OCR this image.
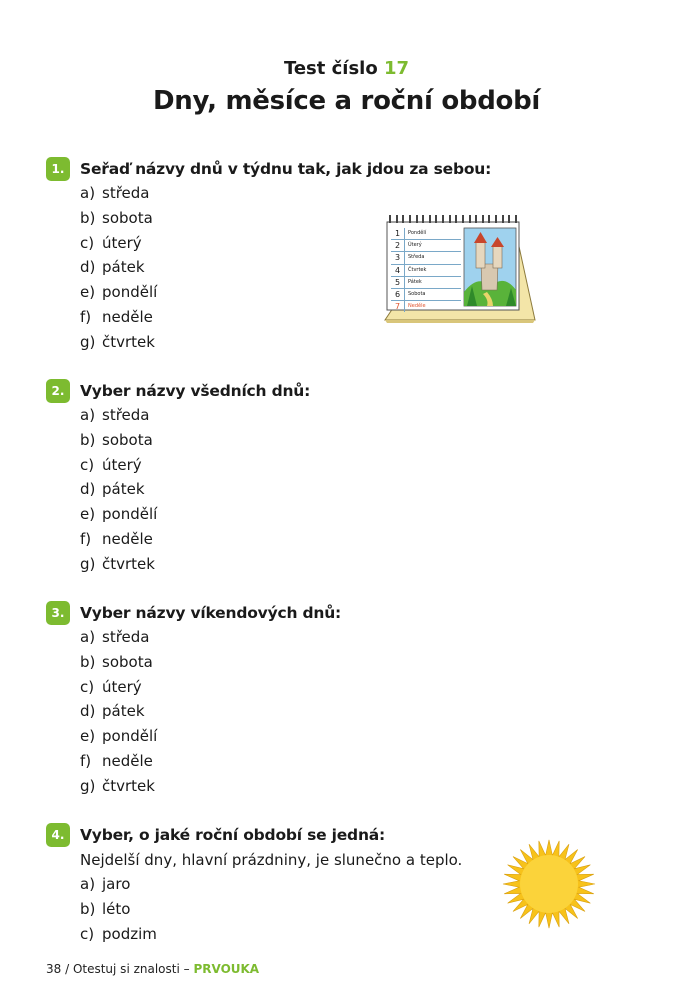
Test číslo 17
Dny, měsíce a roční období
1.	Seřaď názvy dnů v týdnu tak, jak jdou za sebou:
a) středa
b) sobota
c) úterý
d) pátek
e) pondělí
f) neděle
g) čtvrtek
2.	Vyber názvy všedních dnů:
a) středa
b) sobota
c) úterý
d) pátek
e) pondělí
f) neděle
g) čtvrtek
3.	Vyber názvy víkendových dnů:
a) středa
b) sobota
c) úterý
d) pátek
e) pondělí
f) neděle
g) čtvrtek
4.	Vyber, o jaké roční období se jedná:
Nejdelší dny, hlavní prázdniny, je slunečno a teplo.
a) jaro
b) léto
c) podzim
1	Pondělí
2	Úterý
3	Středa
4	Čtvrtek
5	Pátek
6	Sobota
7	Neděle
38 / Otestuj si znalosti – PRVOUKA
